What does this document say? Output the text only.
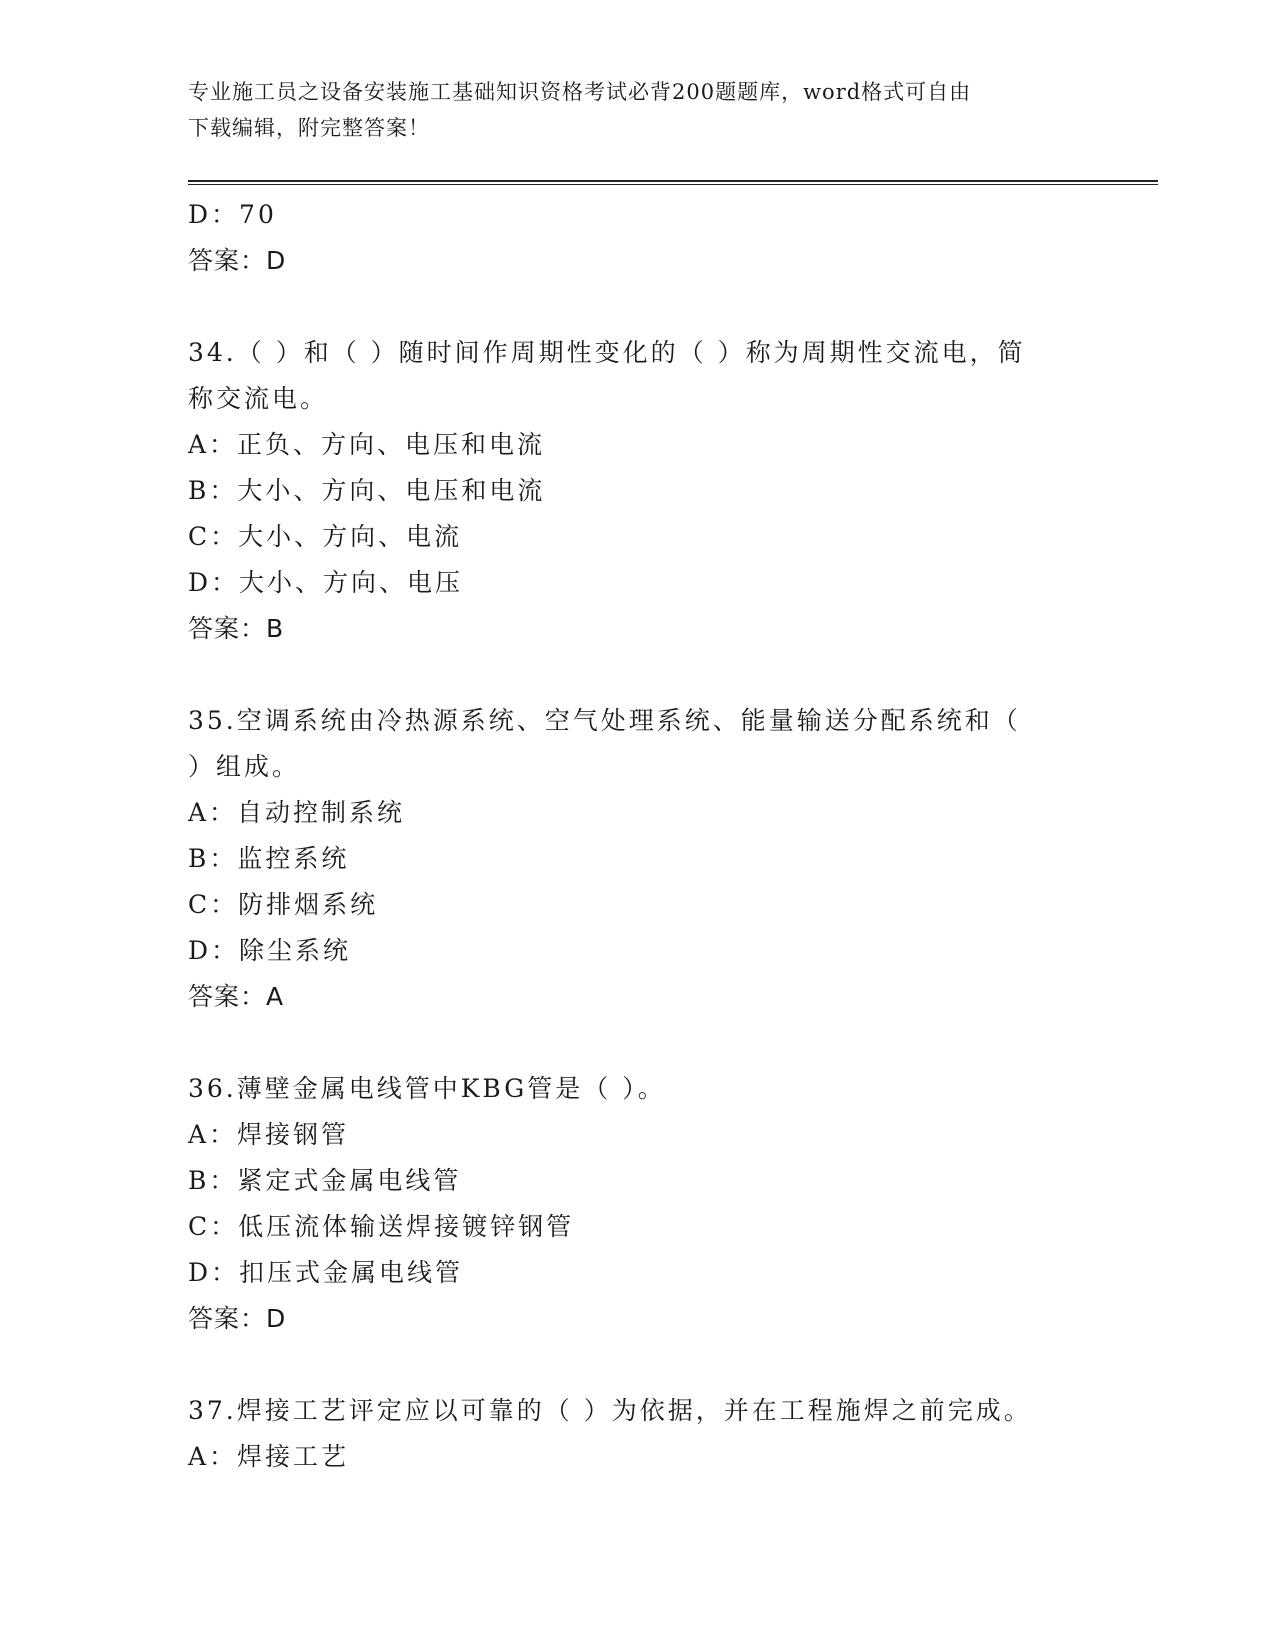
专业施工员之设备安装施工基础知识资格考试必背200题题库，word格式可自由
下载编辑，附完整答案！
D：70
答案：D
34.（ ）和（ ）随时间作周期性变化的（ ）称为周期性交流电，简
称交流电。
A：正负、方向、电压和电流
B：大小、方向、电压和电流
C：大小、方向、电流
D：大小、方向、电压
答案：B
35.空调系统由冷热源系统、空气处理系统、能量输送分配系统和（
）组成。
A：自动控制系统
B：监控系统
C：防排烟系统
D：除尘系统
答案：A
36.薄壁金属电线管中KBG管是（ ）。
A：焊接钢管
B：紧定式金属电线管
C：低压流体输送焊接镀锌钢管
D：扣压式金属电线管
答案：D
37.焊接工艺评定应以可靠的（ ）为依据，并在工程施焊之前完成。
A：焊接工艺
